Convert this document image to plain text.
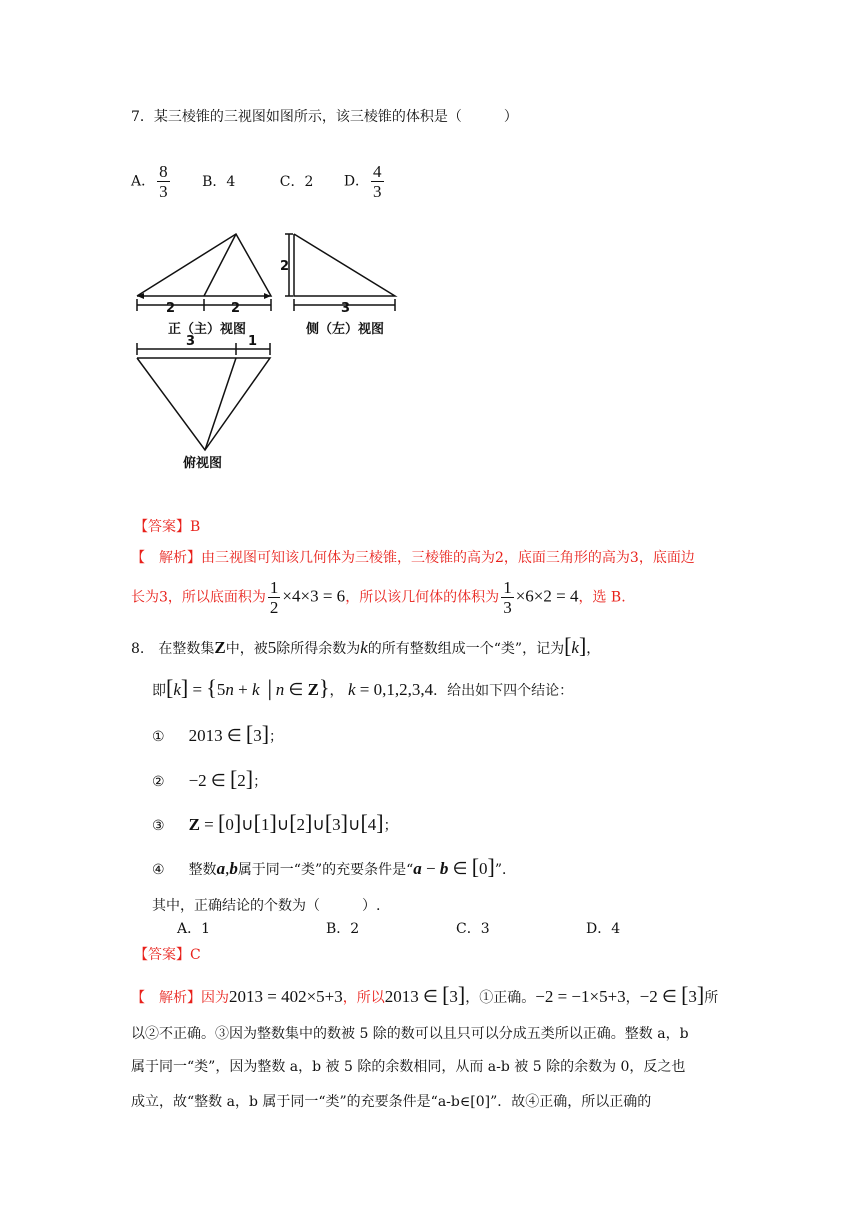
7．某三棱锥的三视图如图所示，该三棱锥的体积是（　　　）
A． $\frac{8}{3}$ B．4	C．2 D． $\frac{4}{3}$
2	2
正（主）视图
2
3
侧（左）视图
3	1
俯视图
【答案】B
【　解析】由三视图可知该几何体为三棱锥，三棱锥的高为2，底面三角形的高为3，底面边
长为3，所以底面积为 $\frac{1}{2} \times 4\times 3 = 6$，所以该几何体的体积为 $\frac{1}{3} \times 6\times 2 = 4$，选 B.
8.　在整数集Z中，被5除所得余数为k的所有整数组成一个“类”，记为[k]，
即[k] = {5n + k │n ∈ Z}， k = 0,1,2,3,4．给出如下四个结论：
① 2013 ∈ [3]；
② −2 ∈ [2]；
③ Z = [0]∪[1]∪[2]∪[3]∪[4]；
④ 整数a,b属于同一“类”的充要条件是“a − b ∈ [0]”．
其中，正确结论的个数为（　　　）.
A．1	B．2	C．3	D．4
【答案】C
【　解析】因为2013 = 402×5+3，所以2013 ∈ [3]，①正确。−2 = −1×5+3，−2 ∈ [3]所
以②不正确。③因为整数集中的数被 5 除的数可以且只可以分成五类所以正确。整数 a，b
属于同一“类”，因为整数 a，b 被 5 除的余数相同，从而 a-b 被 5 除的余数为 0，反之也
成立，故“整数 a，b 属于同一“类”的充要条件是“a-b∈[0]”．故④正确，所以正确的
